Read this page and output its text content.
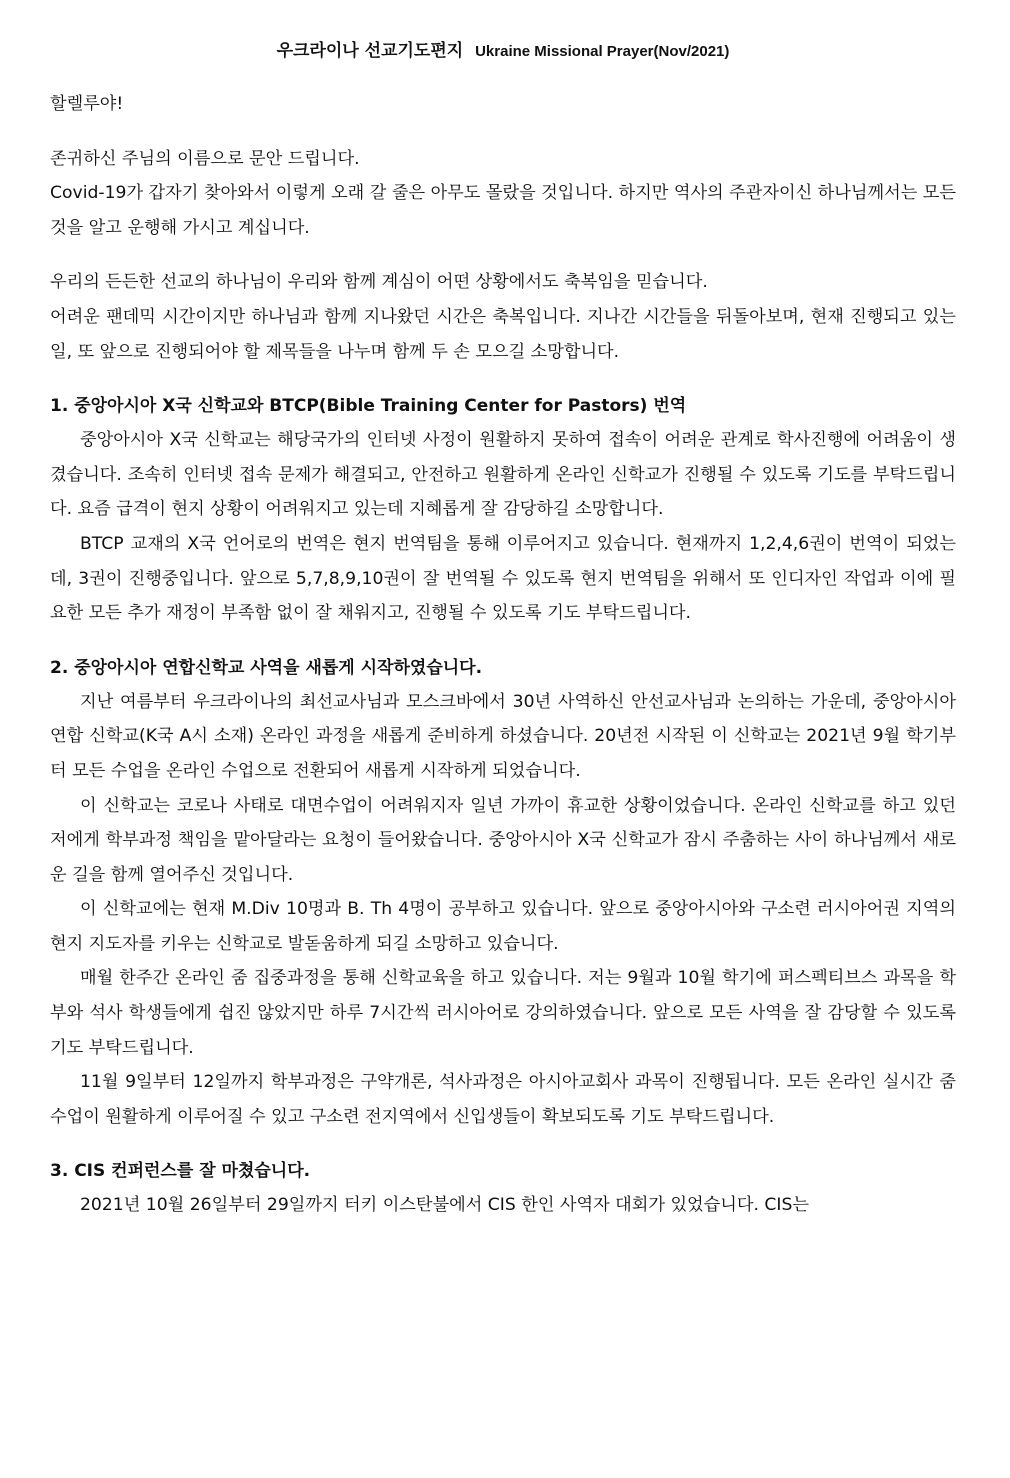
우크라이나 선교기도편지 Ukraine Missional Prayer(Nov/2021)

할렐루야!

존귀하신 주님의 이름으로 문안 드립니다.

Covid-19가 갑자기 찾아와서 이렇게 오래 갈 줄은 아무도 몰랐을 것입니다. 하지만 역사의 주관자이신 하나님께서는 모든 것을 알고 운행해 가시고 계십니다.

우리의 든든한 선교의 하나님이 우리와 함께 계심이 어떤 상황에서도 축복임을 믿습니다.

어려운 팬데믹 시간이지만 하나님과 함께 지나왔던 시간은 축복입니다. 지나간 시간들을 뒤돌아보며, 현재 진행되고 있는 일, 또 앞으로 진행되어야 할 제목들을 나누며 함께 두 손 모으길 소망합니다.

1. 중앙아시아 X국 신학교와 BTCP(Bible Training Center for Pastors) 번역

중앙아시아 X국 신학교는 해당국가의 인터넷 사정이 원활하지 못하여 접속이 어려운 관계로 학사진행에 어려움이 생겼습니다. 조속히 인터넷 접속 문제가 해결되고, 안전하고 원활하게 온라인 신학교가 진행될 수 있도록 기도를 부탁드립니다. 요즘 급격이 현지 상황이 어려워지고 있는데 지혜롭게 잘 감당하길 소망합니다.

BTCP 교재의 X국 언어로의 번역은 현지 번역팀을 통해 이루어지고 있습니다. 현재까지 1,2,4,6권이 번역이 되었는데, 3권이 진행중입니다. 앞으로 5,7,8,9,10권이 잘 번역될 수 있도록 현지 번역팀을 위해서 또 인디자인 작업과 이에 필요한 모든 추가 재정이 부족함 없이 잘 채워지고, 진행될 수 있도록 기도 부탁드립니다.

2. 중앙아시아 연합신학교 사역을 새롭게 시작하였습니다.

지난 여름부터 우크라이나의 최선교사님과 모스크바에서 30년 사역하신 안선교사님과 논의하는 가운데, 중앙아시아 연합 신학교(K국 A시 소재) 온라인 과정을 새롭게 준비하게 하셨습니다. 20년전 시작된 이 신학교는 2021년 9월 학기부터 모든 수업을 온라인 수업으로 전환되어 새롭게 시작하게 되었습니다.

이 신학교는 코로나 사태로 대면수업이 어려워지자 일년 가까이 휴교한 상황이었습니다. 온라인 신학교를 하고 있던 저에게 학부과정 책임을 맡아달라는 요청이 들어왔습니다. 중앙아시아 X국 신학교가 잠시 주춤하는 사이 하나님께서 새로운 길을 함께 열어주신 것입니다.

이 신학교에는 현재 M.Div 10명과 B. Th 4명이 공부하고 있습니다. 앞으로 중앙아시아와 구소련 러시아어권 지역의 현지 지도자를 키우는 신학교로 발돋움하게 되길 소망하고 있습니다.

매월 한주간 온라인 줌 집중과정을 통해 신학교육을 하고 있습니다. 저는 9월과 10월 학기에 퍼스펙티브스 과목을 학부와 석사 학생들에게 쉽진 않았지만 하루 7시간씩 러시아어로 강의하였습니다. 앞으로 모든 사역을 잘 감당할 수 있도록 기도 부탁드립니다.

11월 9일부터 12일까지 학부과정은 구약개론, 석사과정은 아시아교회사 과목이 진행됩니다. 모든 온라인 실시간 줌 수업이 원활하게 이루어질 수 있고 구소련 전지역에서 신입생들이 확보되도록 기도 부탁드립니다.

3. CIS 컨퍼런스를 잘 마쳤습니다.

2021년 10월 26일부터 29일까지 터키 이스탄불에서 CIS 한인 사역자 대회가 있었습니다. CIS는
